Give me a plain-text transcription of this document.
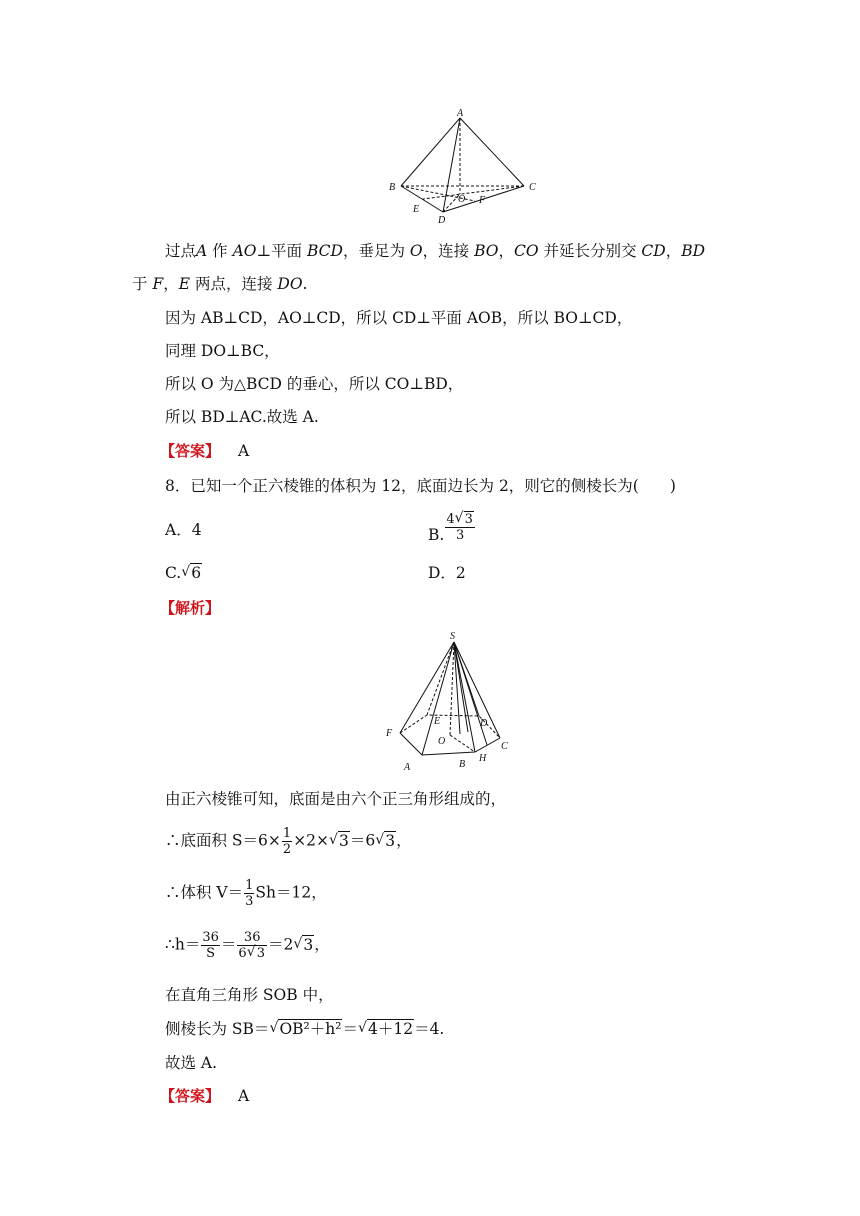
A
B	C
D
E
F
O
过点A 作 AO⊥平面 BCD，垂足为 O，连接 BO，CO 并延长分别交 CD，BD
于 F，E 两点，连接 DO.
因为 AB⊥CD，AO⊥CD，所以 CD⊥平面 AOB，所以 BO⊥CD，
同理 DO⊥BC，
所以 O 为△BCD 的垂心，所以 CO⊥BD，
所以 BD⊥AC.故选 A.
【答案】 A
8．已知一个正六棱锥的体积为 12，底面边长为 2，则它的侧棱长为(　　)
A．4	B. $\frac{4√ 3}{3}$
C.√ 6	D．2
【解析】
S
F
A	B
H
C
D
E
O
由正六棱锥可知，底面是由六个正三角形组成的，
∴底面积 $S=6\times \frac{1}{2} \times 2\times√$ 3＝6√ 3，
∴体积 $V= \frac{1}{3} Sh=12$，
∴h＝ $\frac{36}{S} = \frac{36}{6√ 3} =2√$ 3，
在直角三角形 SOB 中，
侧棱长为 SB＝√ OB²＋h²＝√ 4＋12＝4.
故选 A.
【答案】 A
